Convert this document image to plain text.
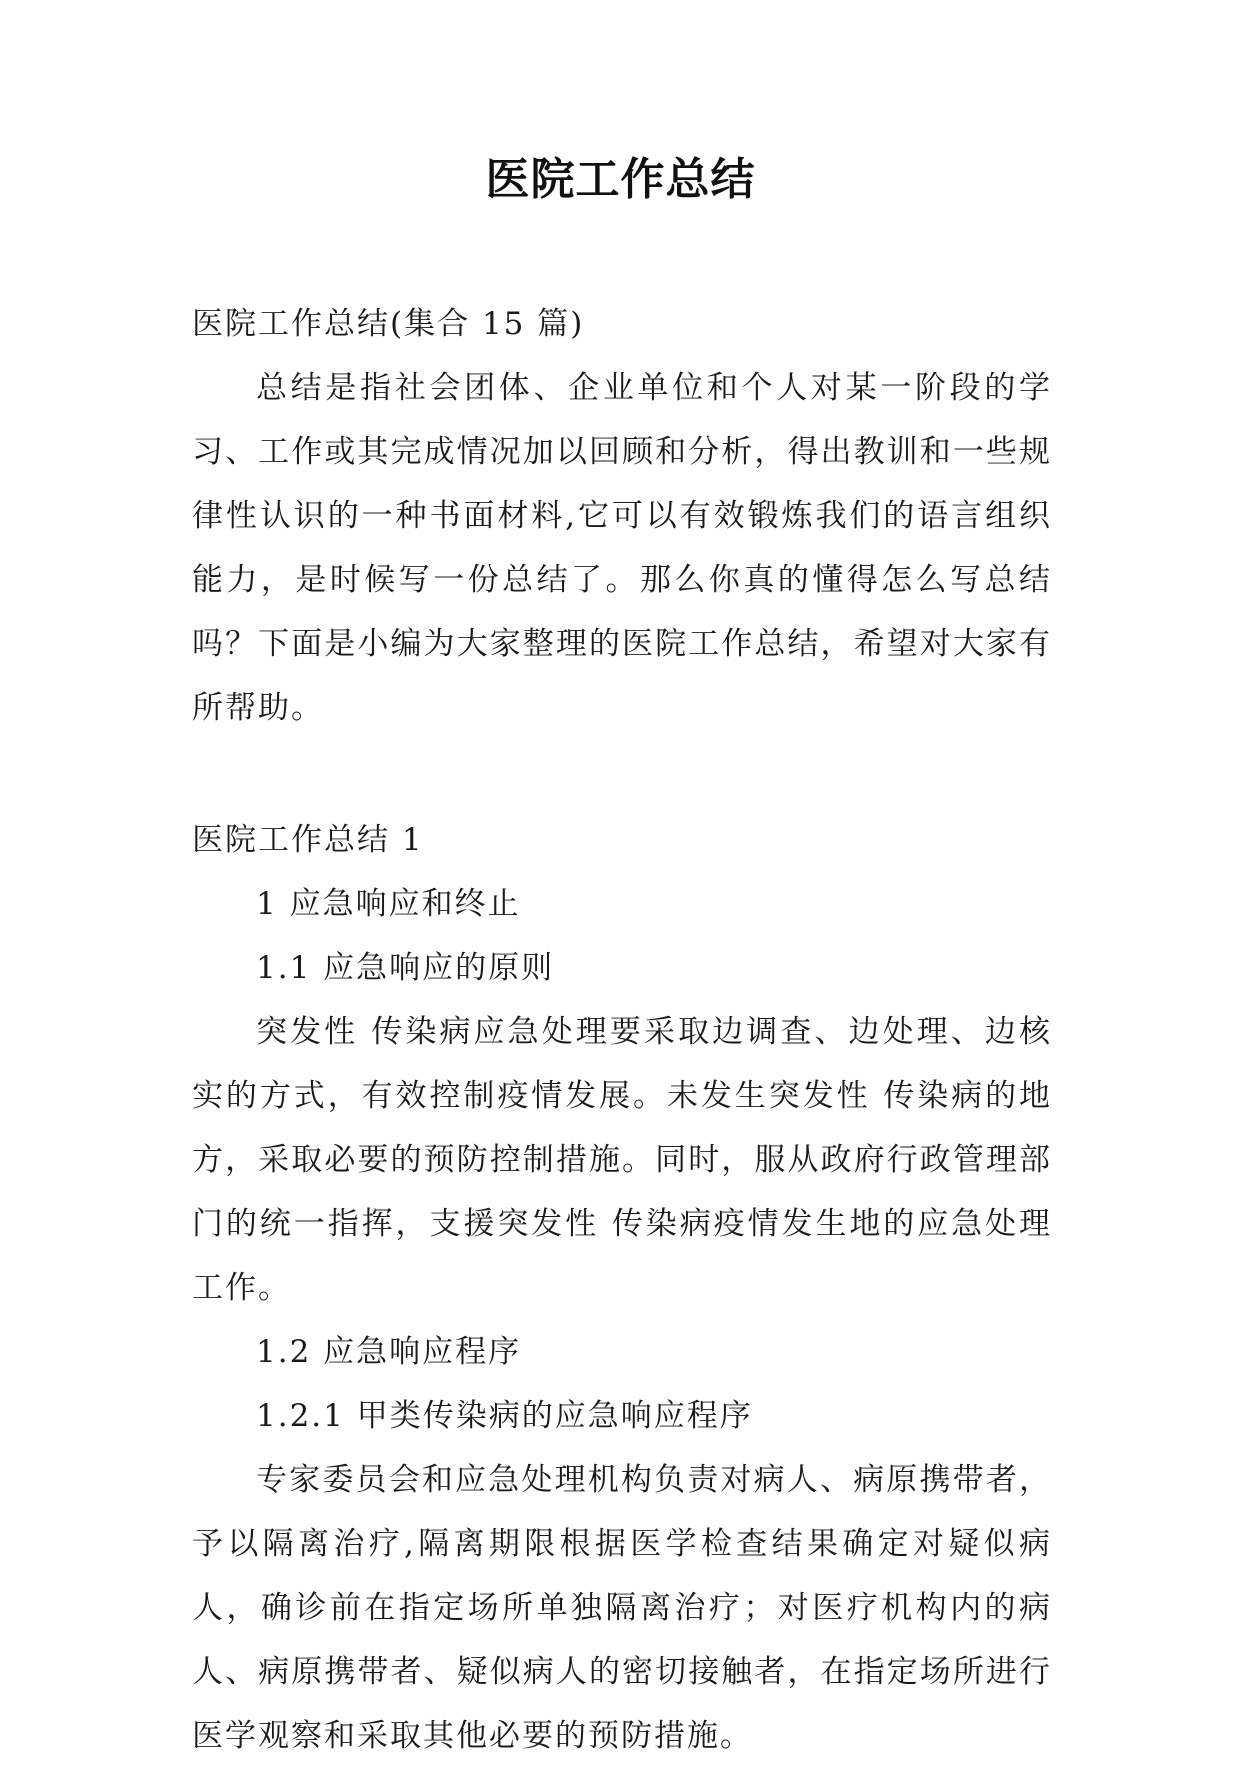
医院工作总结

医院工作总结(集合 15 篇)

总结是指社会团体、企业单位和个人对某一阶段的学习、工作或其完成情况加以回顾和分析，得出教训和一些规律性认识的一种书面材料,它可以有效锻炼我们的语言组织能力，是时候写一份总结了。那么你真的懂得怎么写总结吗？下面是小编为大家整理的医院工作总结，希望对大家有所帮助。

医院工作总结 1

1 应急响应和终止

1.1 应急响应的原则

突发性 传染病应急处理要采取边调查、边处理、边核实的方式，有效控制疫情发展。未发生突发性 传染病的地方，采取必要的预防控制措施。同时，服从政府行政管理部门的统一指挥，支援突发性 传染病疫情发生地的应急处理工作。

1.2 应急响应程序

1.2.1 甲类传染病的应急响应程序

专家委员会和应急处理机构负责对病人、病原携带者，予以隔离治疗,隔离期限根据医学检查结果确定对疑似病人，确诊前在指定场所单独隔离治疗；对医疗机构内的病人、病原携带者、疑似病人的密切接触者，在指定场所进行医学观察和采取其他必要的预防措施。
